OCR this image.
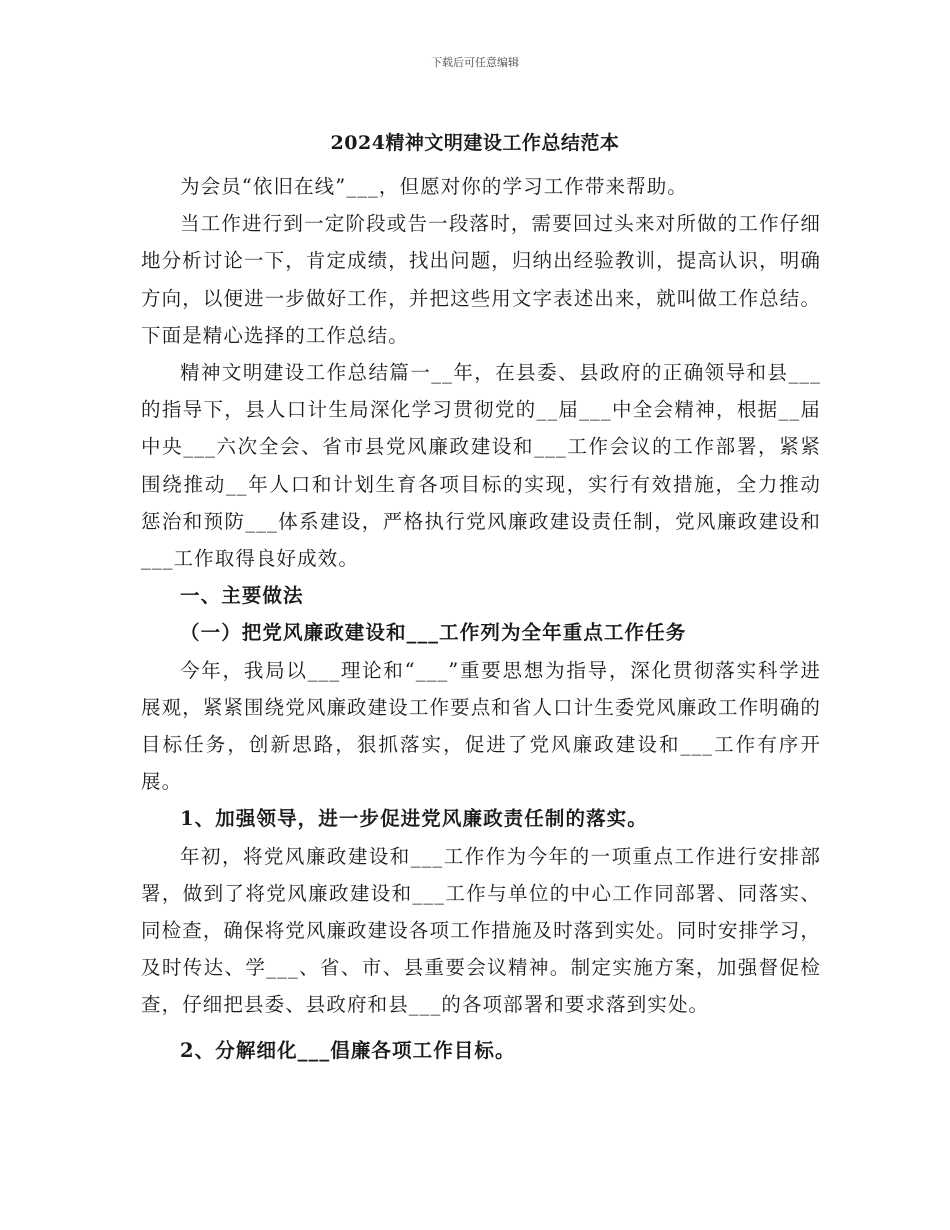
下载后可任意编辑
2024精神文明建设工作总结范本

为会员“依旧在线”___，但愿对你的学习工作带来帮助。

当工作进行到一定阶段或告一段落时，需要回过头来对所做的工作仔细地分析讨论一下，肯定成绩，找出问题，归纳出经验教训，提高认识，明确方向，以便进一步做好工作，并把这些用文字表述出来，就叫做工作总结。下面是精心选择的工作总结。

精神文明建设工作总结篇一__年，在县委、县政府的正确领导和县___的指导下，县人口计生局深化学习贯彻党的__届___中全会精神，根据__届中央___六次全会、省市县党风廉政建设和___工作会议的工作部署，紧紧围绕推动__年人口和计划生育各项目标的实现，实行有效措施，全力推动惩治和预防___体系建设，严格执行党风廉政建设责任制，党风廉政建设和___工作取得良好成效。

一、主要做法

（一）把党风廉政建设和___工作列为全年重点工作任务

今年，我局以___理论和“___”重要思想为指导，深化贯彻落实科学进展观，紧紧围绕党风廉政建设工作要点和省人口计生委党风廉政工作明确的目标任务，创新思路，狠抓落实，促进了党风廉政建设和___工作有序开展。

1、加强领导，进一步促进党风廉政责任制的落实。

年初，将党风廉政建设和___工作作为今年的一项重点工作进行安排部署，做到了将党风廉政建设和___工作与单位的中心工作同部署、同落实、同检查，确保将党风廉政建设各项工作措施及时落到实处。同时安排学习，及时传达、学___、省、市、县重要会议精神。制定实施方案，加强督促检查，仔细把县委、县政府和县___的各项部署和要求落到实处。

2、分解细化___倡廉各项工作目标。
